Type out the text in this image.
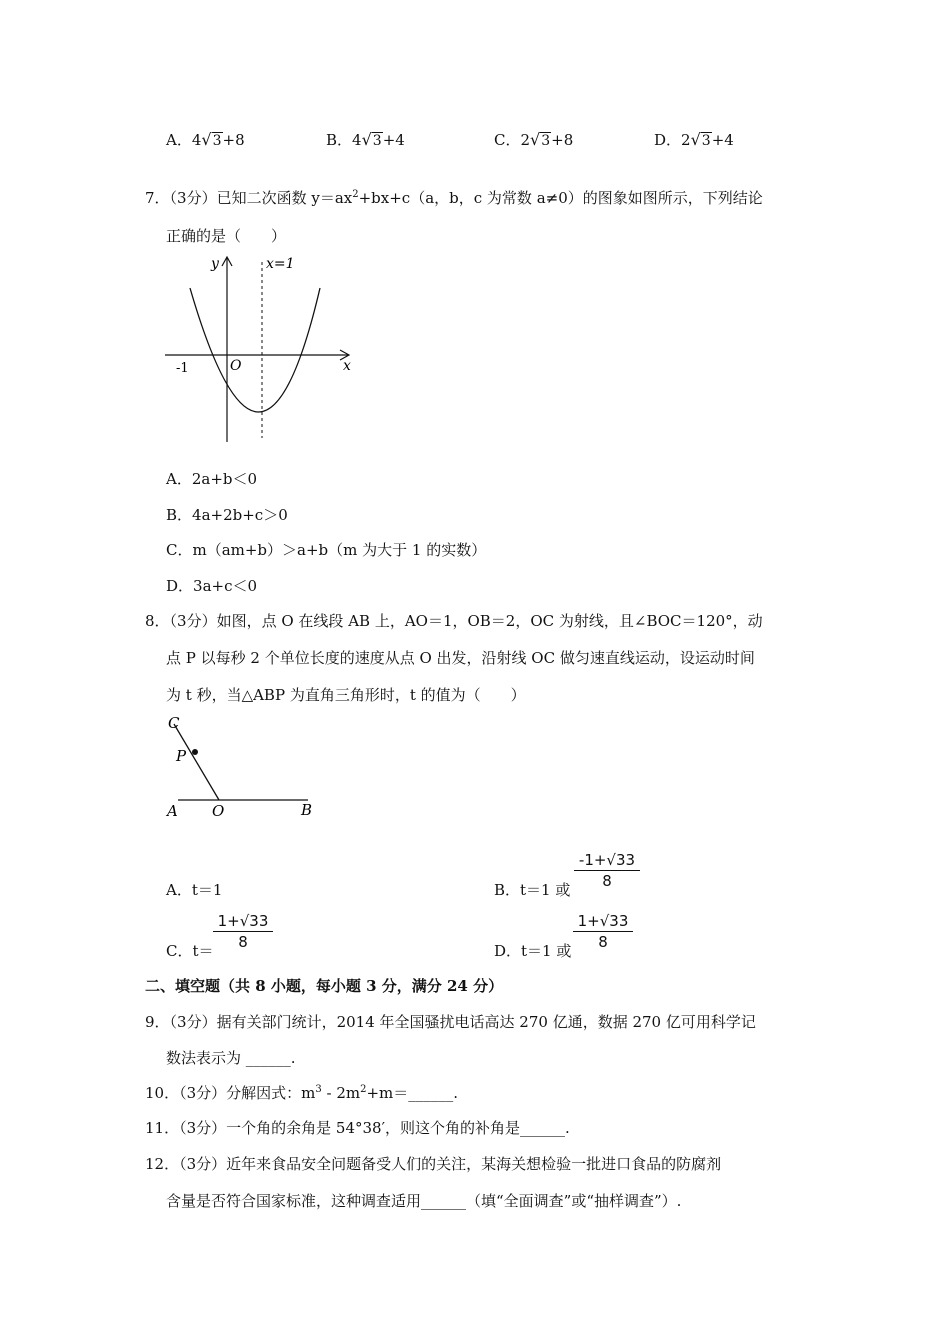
A．4√3+8	B．4√3+4	C．2√3+8	D．2√3+4
7．（3分）已知二次函数 $y=ax^2+bx+c(a$，b，c 为常数 a≠0）的图象如图所示，下列结论
正确的是（　　）
y	x=1
x
O
-1
A．2a+b＜0
B．4a+2b+c＞0
C．m（am+b）＞a+b（m 为大于 1 的实数）
D．3a+c＜0
8．（3分）如图，点 O 在线段 AB 上，AO＝1，OB＝2，OC 为射线，且∠BOC＝120°，动
点 P 以每秒 2 个单位长度的速度从点 O 出发，沿射线 OC 做匀速直线运动，设运动时间
为 t 秒，当△ABP 为直角三角形时，t 的值为（　　）
C
P
A O	B
A．t＝1	B．t＝1 或 $\frac{-1+√33}{8}$
C．$t= \frac{1+√33}{8}$	D．t＝1 或 $\frac{1+√33}{8}$
二、填空题（共 8 小题，每小题 3 分，满分 24 分）
9．（3分）据有关部门统计，2014 年全国骚扰电话高达 270 亿通，数据 270 亿可用科学记
数法表示为 ______.
10．（3分）分解因式：$m^3$ - $2m^2+m=\_\_\_\_\_\_$.
11．（3分）一个角的余角是 54°38′，则这个角的补角是______.
12．（3分）近年来食品安全问题备受人们的关注，某海关想检验一批进口食品的防腐剂
含量是否符合国家标准，这种调查适用______（填“全面调查”或“抽样调查”）.
